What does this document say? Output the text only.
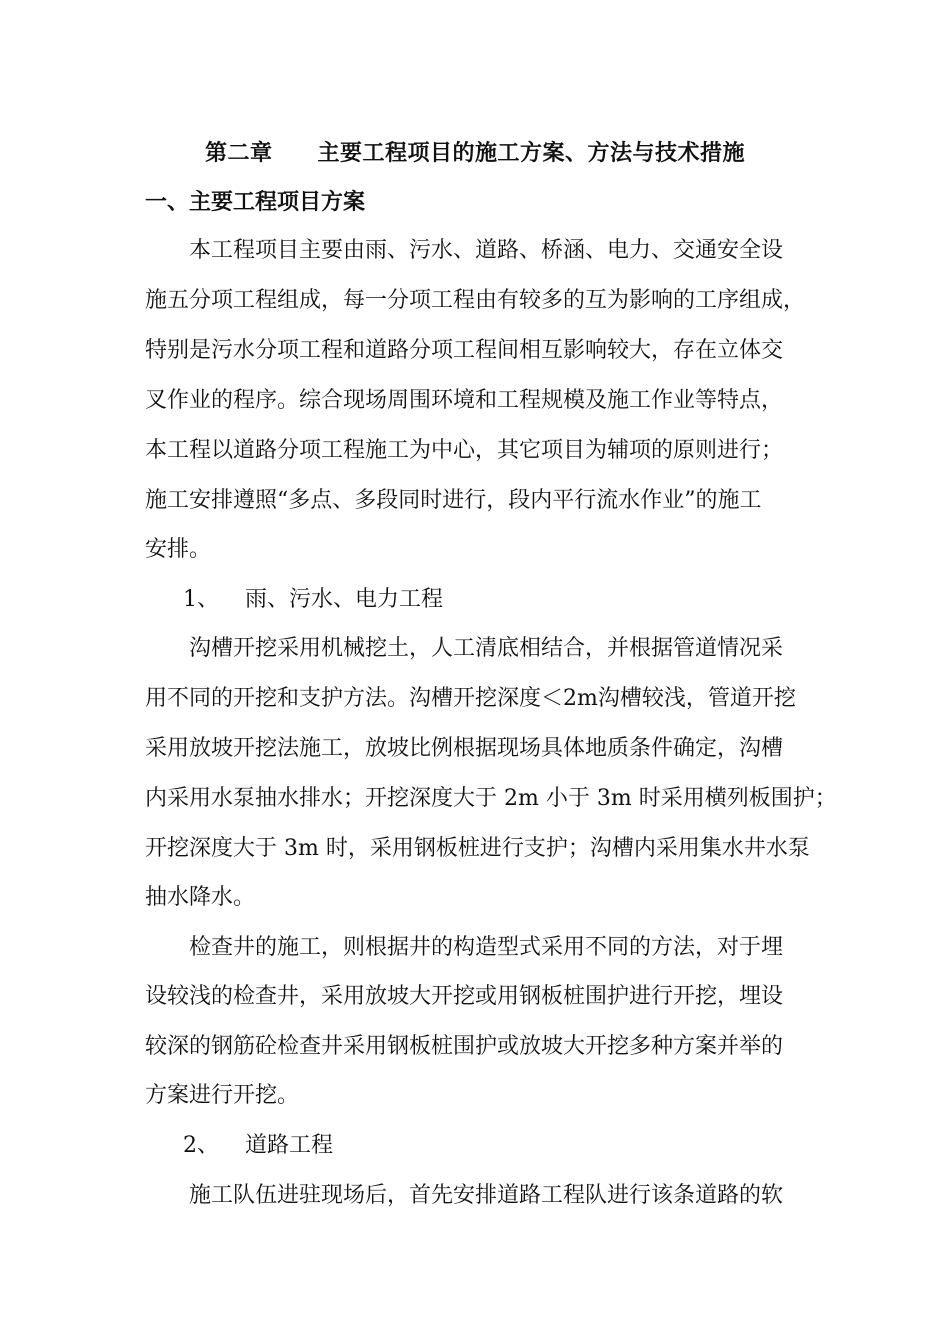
第二章　　主要工程项目的施工方案、方法与技术措施
一、主要工程项目方案
本工程项目主要由雨、污水、道路、桥涵、电力、交通安全设
施五分项工程组成，每一分项工程由有较多的互为影响的工序组成，
特别是污水分项工程和道路分项工程间相互影响较大，存在立体交
叉作业的程序。综合现场周围环境和工程规模及施工作业等特点，
本工程以道路分项工程施工为中心，其它项目为辅项的原则进行；
施工安排遵照“多点、多段同时进行，段内平行流水作业”的施工
安排。
1、 雨、污水、电力工程
沟槽开挖采用机械挖土，人工清底相结合，并根据管道情况采
用不同的开挖和支护方法。沟槽开挖深度＜2m沟槽较浅，管道开挖
采用放坡开挖法施工，放坡比例根据现场具体地质条件确定，沟槽
内采用水泵抽水排水；开挖深度大于 2m 小于 3m 时采用横列板围护；
开挖深度大于 3m 时，采用钢板桩进行支护；沟槽内采用集水井水泵
抽水降水。
检查井的施工，则根据井的构造型式采用不同的方法，对于埋
设较浅的检查井，采用放坡大开挖或用钢板桩围护进行开挖，埋设
较深的钢筋砼检查井采用钢板桩围护或放坡大开挖多种方案并举的
方案进行开挖。
2、 道路工程
施工队伍进驻现场后，首先安排道路工程队进行该条道路的软
